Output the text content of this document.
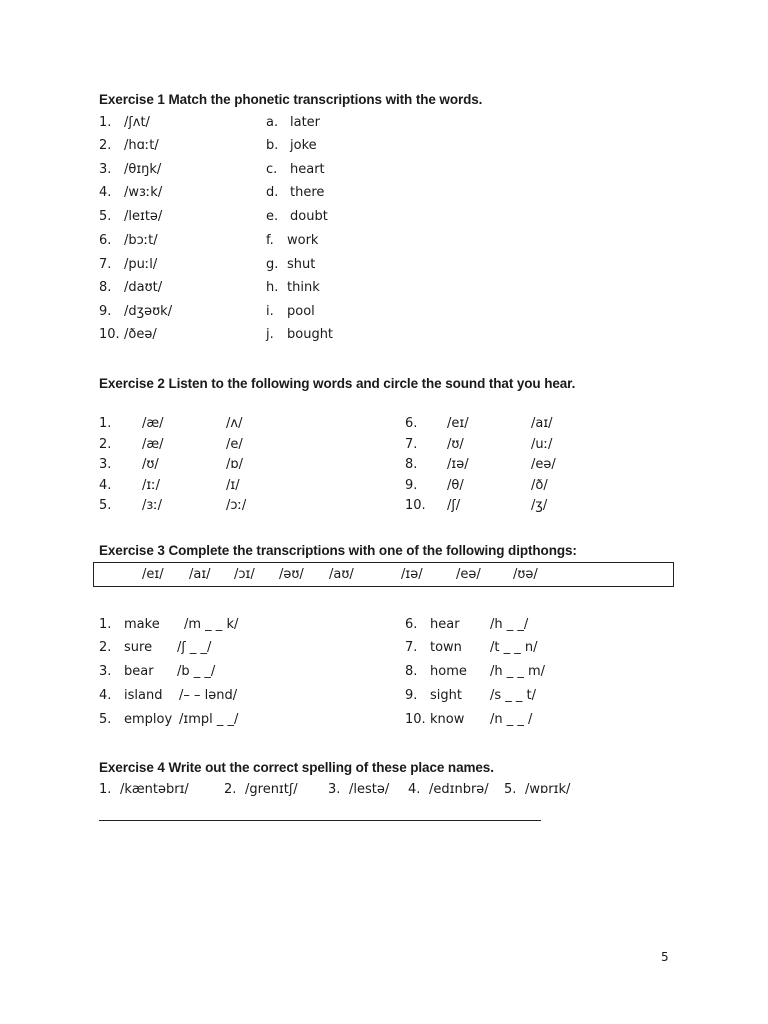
Exercise 1 Match the phonetic transcriptions with the words.
1. /ʃʌt/	a. later
2. /hɑːt/	b. joke
3. /θɪŋk/	c. heart
4. /wɜːk/	d. there
5. /leɪtə/	e. doubt
6. /bɔːt/	f. work
7. /puːl/	g. shut
8. /daʊt/	h. think
9. /dʒəʊk/	i. pool
10. /ðeə/	j. bought
Exercise 2 Listen to the following words and circle the sound that you hear.
1. /æ/	/ʌ/	6. /eɪ/	/aɪ/
2. /æ/	/e/	7. /ʊ/	/uː/
3. /ʊ/	/ɒ/	8. /ɪə/	/eə/
4. /ɪː/	/ɪ/	9. /θ/	/ð/
5. /ɜː/	/ɔː/	10. /ʃ/	/ʒ/
Exercise 3 Complete the transcriptions with one of the following dipthongs:
/eɪ/ /aɪ/ /ɔɪ/ /əʊ/ /aʊ/	/ɪə/	/eə/ /ʊə/
1. make /m _ _ k/	6. hear /h _ _/
2. sure /ʃ _ _/	7. town /t _ _ n/
3. bear /b _ _/	8. home /h _ _ m/
4. island /– – lənd/	9. sight /s _ _ t/
5. employ /ɪmpl _ _/	10. know /n _ _ /
Exercise 4 Write out the correct spelling of these place names.
1. /kæntəbrɪ/	2. /grenɪtʃ/ 3. /lestə/ 4. /edɪnbrə/ 5. /wɒrɪk/
5
